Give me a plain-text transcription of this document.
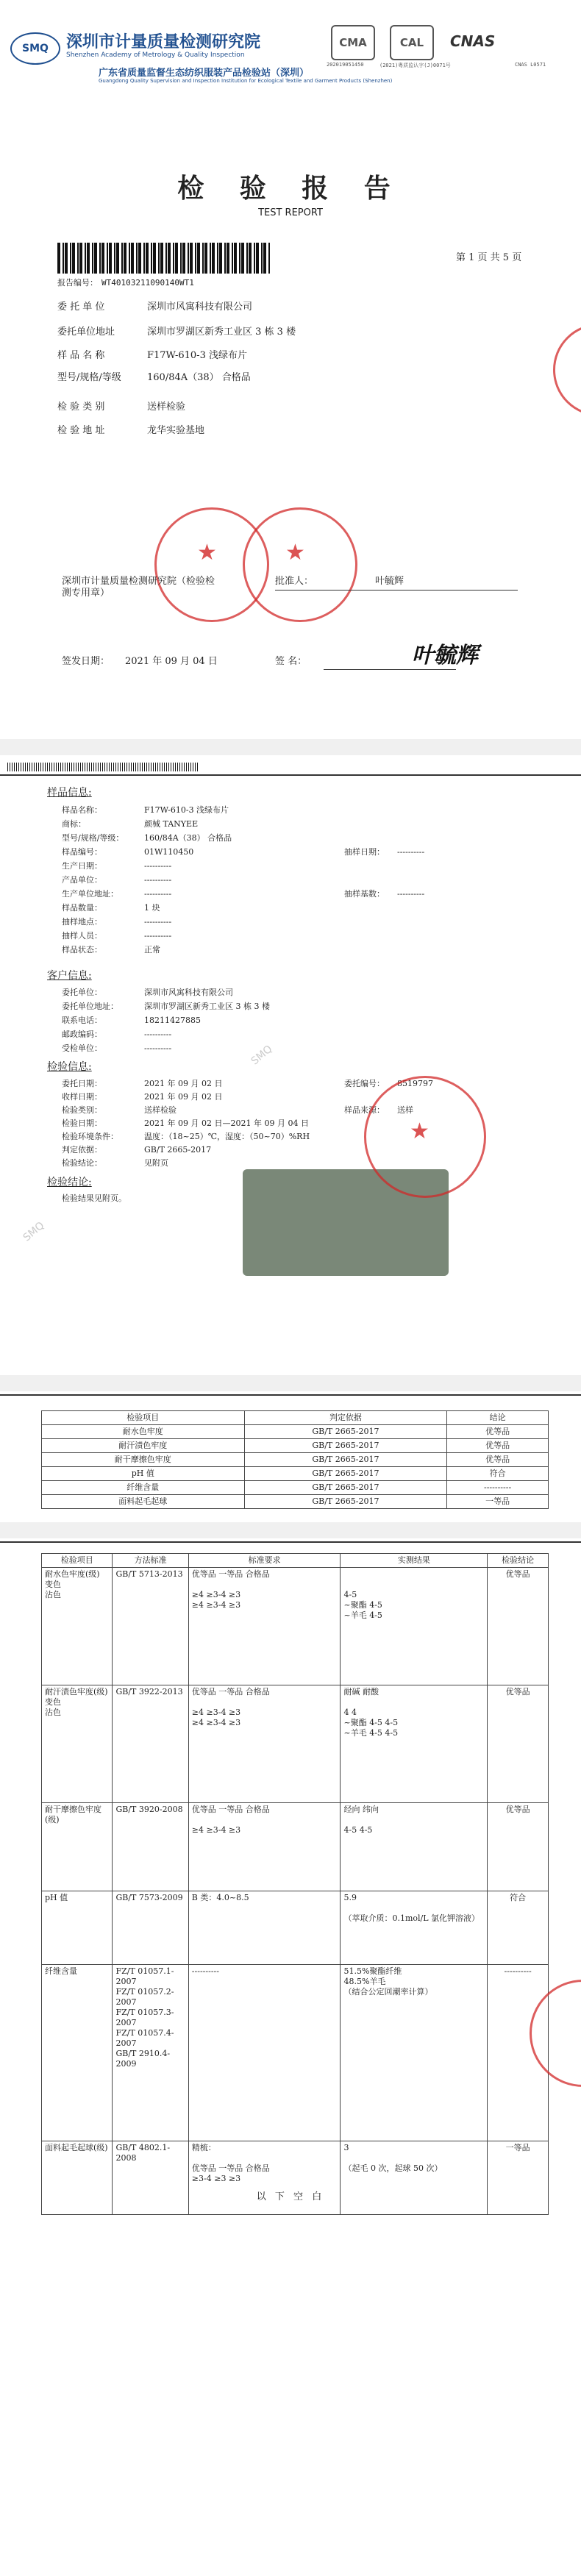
SMQ	深圳市计量质量检测研究院
Shenzhen Academy of Metrology & Quality Inspection
广东省质量监督生态纺织服装产品检验站（深圳）
Guangdong Quality Supervision and Inspection Institution for Ecological Textile and Garment Products (Shenzhen)
CMA
202019051450
CAL
(2021)粤质监认字(J)0071号
CNAS
CNAS L0571
检 验 报 告
TEST REPORT
第 1 页 共 5 页
报告编号： WT40103211090140WT1
委 托 单 位	深圳市风寓科技有限公司
委托单位地址	深圳市罗湖区新秀工业区 3 栋 3 楼
样 品 名 称	F17W-610-3 浅绿布片
型号/规格/等级	160/84A（38） 合格品
检 验 类 别	送样检验
检 验 地 址	龙华实验基地
★	★
深圳市计量质量检测研究院（检验检测专用章）
批准人：	叶毓辉
签发日期： 2021 年 09 月 04 日	签 名：	叶毓辉
样品信息:
样品名称：	F17W-610-3 浅绿布片
商标：	颜械 TANYEE
型号/规格/等级：	160/84A（38） 合格品
样品编号：	01W110450
生产日期：	----------
产品单位：	----------
生产单位地址：	----------
样品数量：	1 块
抽样地点：	----------
抽样人员：	----------
样品状态：	正常
抽样日期： ----------
抽样基数： ----------
客户信息:
委托单位：	深圳市风寓科技有限公司
委托单位地址：	深圳市罗湖区新秀工业区 3 栋 3 楼
联系电话：	18211427885
邮政编码：	----------
受检单位：	----------
检验信息:
委托日期：	2021 年 09 月 02 日
收样日期：	2021 年 09 月 02 日
检验类别：	送样检验
检验日期：	2021 年 09 月 02 日—2021 年 09 月 04 日
检验环境条件：	温度：（18~25）℃，湿度：（50~70）%RH
判定依据：	GB/T 2665-2017
检验结论：	见附页
委托编号： 8519797
样品来源： 送样
检验结论:
检验结果见附页。
★
SMQ
SMQ
检验项目	判定依据	结论
耐水色牢度	GB/T 2665-2017	优等品
耐汗渍色牢度	GB/T 2665-2017	优等品
耐干摩擦色牢度	GB/T 2665-2017	优等品
pH 值	GB/T 2665-2017	符合
纤维含量	GB/T 2665-2017	----------
面料起毛起球	GB/T 2665-2017	一等品
检验项目	方法标准	标准要求	实测结果	检验结论
耐水色牢度(级)
变色
沾色	GB/T 5713-2013	优等品 一等品 合格品

≥4 ≥3-4 ≥3
≥4 ≥3-4 ≥3	

4-5
~聚酯 4-5
~羊毛 4-5	优等品
耐汗渍色牢度(级)
变色
沾色	GB/T 3922-2013	优等品 一等品 合格品

≥4 ≥3-4 ≥3
≥4 ≥3-4 ≥3	耐碱 耐酸

4 4
~聚酯 4-5 4-5
~羊毛 4-5 4-5	优等品
耐干摩擦色牢度(级)	GB/T 3920-2008	优等品 一等品 合格品

≥4 ≥3-4 ≥3	经向 纬向

4-5 4-5	优等品
pH 值	GB/T 7573-2009	B 类：4.0~8.5	5.9

（萃取介质：0.1mol/L 氯化钾溶液）	符合
纤维含量	FZ/T 01057.1-2007
FZ/T 01057.2-2007
FZ/T 01057.3-2007
FZ/T 01057.4-2007
GB/T 2910.4-2009	----------	51.5%聚酯纤维
48.5%羊毛
（结合公定回潮率计算）	----------
面料起毛起球(级)	GB/T 4802.1-2008	精梳：

优等品 一等品 合格品
≥3-4 ≥3 ≥3	3

（起毛 0 次，起球 50 次）	一等品
以 下 空 白
